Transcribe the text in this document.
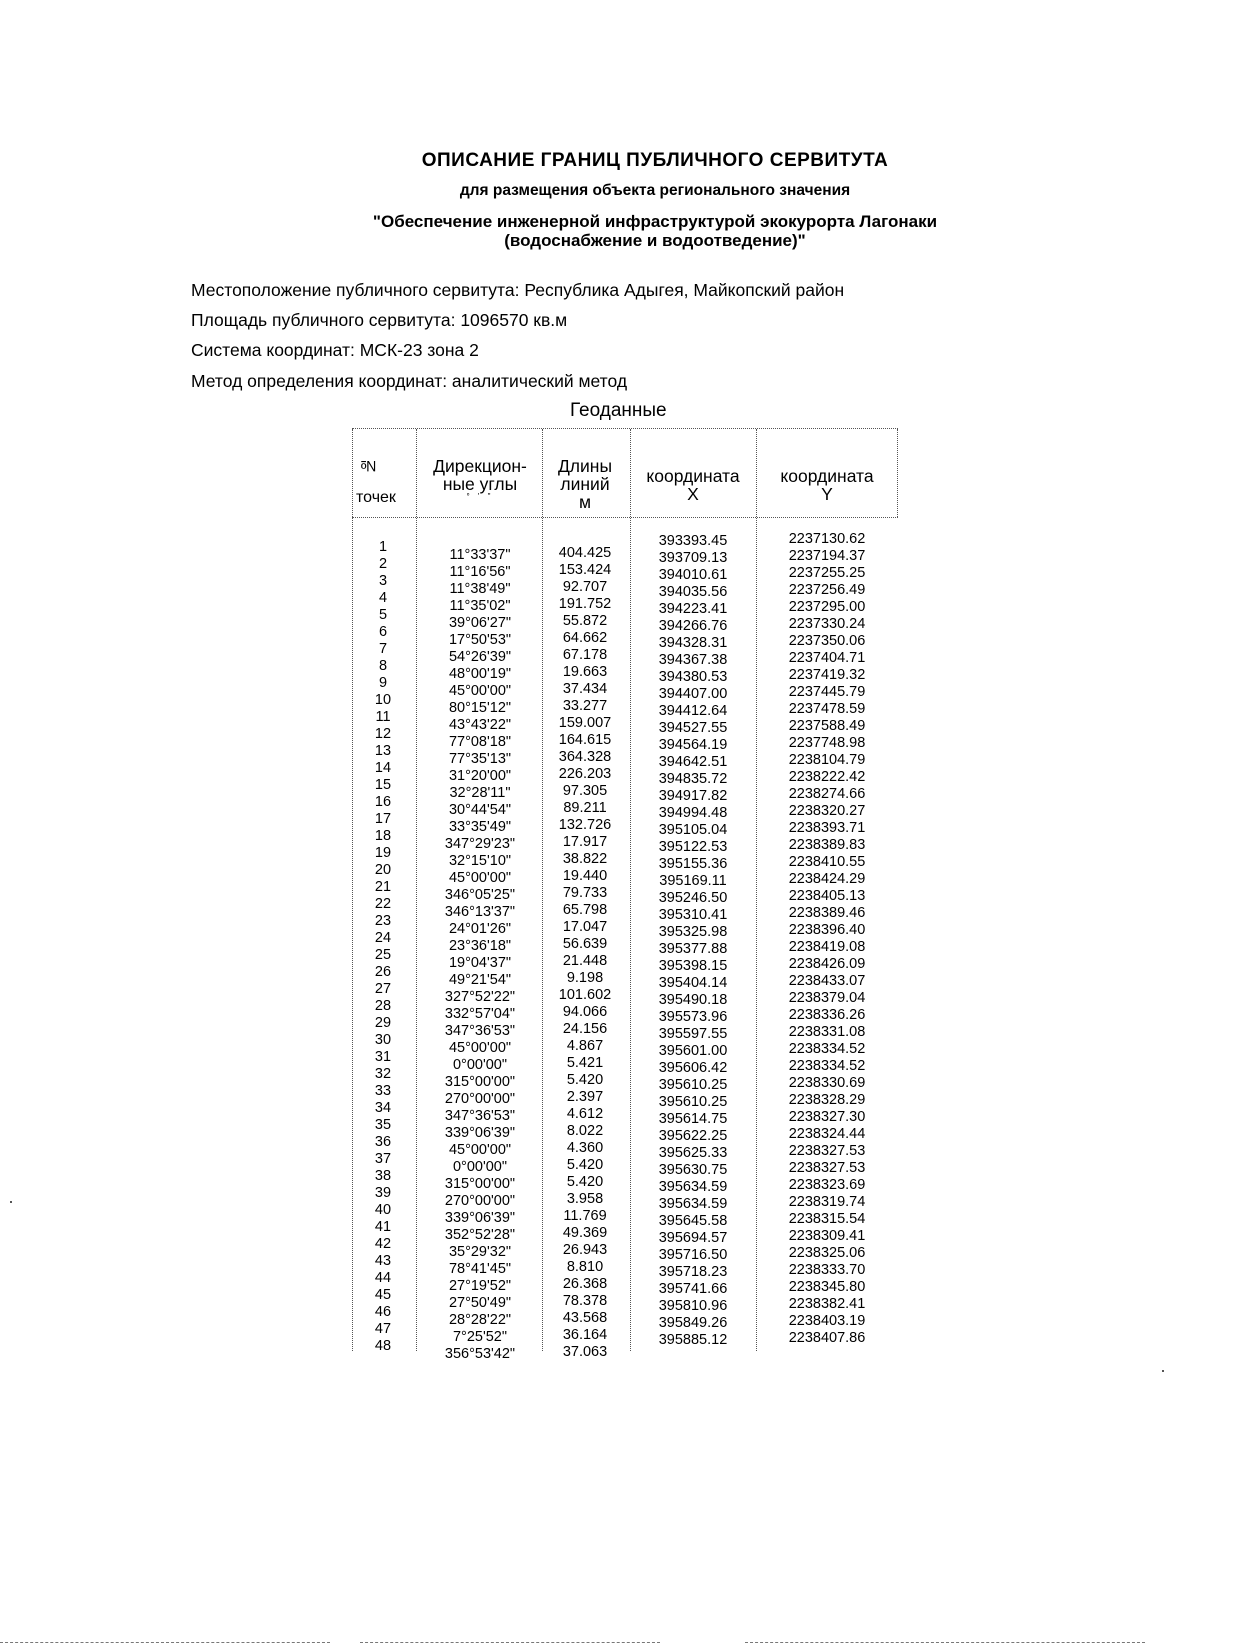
ОПИСАНИЕ ГРАНИЦ ПУБЛИЧНОГО СЕРВИТУТА
для размещения объекта регионального значения
"Обеспечение инженерной инфраструктурой экокурорта Лагонаки
(водоснабжение и водоотведение)"
Местоположение публичного сервитута: Республика Адыгея, Майкопский район
Площадь публичного сервитута: 1096570 кв.м
Система координат: МСК-23 зона 2
Метод определения координат: аналитический метод
Геоданные
1
2
3
4
5
6
7
8
9
10
11
12
13
14
15
16
17
18
19
20
21
22
23
24
25
26
27
28
29
30
31
32
33
34
35
36
37
38
39
40
41
42
43
44
45
46
47
48
11°33'37"
11°16'56"
11°38'49"
11°35'02"
39°06'27"
17°50'53"
54°26'39"
48°00'19"
45°00'00"
80°15'12"
43°43'22"
77°08'18"
77°35'13"
31°20'00"
32°28'11"
30°44'54"
33°35'49"
347°29'23"
32°15'10"
45°00'00"
346°05'25"
346°13'37"
24°01'26"
23°36'18"
19°04'37"
49°21'54"
327°52'22"
332°57'04"
347°36'53"
45°00'00"
0°00'00"
315°00'00"
270°00'00"
347°36'53"
339°06'39"
45°00'00"
0°00'00"
315°00'00"
270°00'00"
339°06'39"
352°52'28"
35°29'32"
78°41'45"
27°19'52"
27°50'49"
28°28'22"
7°25'52"
356°53'42"
404.425
153.424
92.707
191.752
55.872
64.662
67.178
19.663
37.434
33.277
159.007
164.615
364.328
226.203
97.305
89.211
132.726
17.917
38.822
19.440
79.733
65.798
17.047
56.639
21.448
9.198
101.602
94.066
24.156
4.867
5.421
5.420
2.397
4.612
8.022
4.360
5.420
5.420
3.958
11.769
49.369
26.943
8.810
26.368
78.378
43.568
36.164
37.063
393393.45
393709.13
394010.61
394035.56
394223.41
394266.76
394328.31
394367.38
394380.53
394407.00
394412.64
394527.55
394564.19
394642.51
394835.72
394917.82
394994.48
395105.04
395122.53
395155.36
395169.11
395246.50
395310.41
395325.98
395377.88
395398.15
395404.14
395490.18
395573.96
395597.55
395601.00
395606.42
395610.25
395610.25
395614.75
395622.25
395625.33
395630.75
395634.59
395634.59
395645.58
395694.57
395716.50
395718.23
395741.66
395810.96
395849.26
395885.12
2237130.62
2237194.37
2237255.25
2237256.49
2237295.00
2237330.24
2237350.06
2237404.71
2237419.32
2237445.79
2237478.59
2237588.49
2237748.98
2238104.79
2238222.42
2238274.66
2238320.27
2238393.71
2238389.83
2238410.55
2238424.29
2238405.13
2238389.46
2238396.40
2238419.08
2238426.09
2238433.07
2238379.04
2238336.26
2238331.08
2238334.52
2238334.52
2238330.69
2238328.29
2238327.30
2238324.44
2238327.53
2238327.53
2238323.69
2238319.74
2238315.54
2238309.41
2238325.06
2238333.70
2238345.80
2238382.41
2238403.19
2238407.86
№
точек
Дирекцион-
ные углы
° ' "
Длины
линий
м
координата
X
координата
Y
